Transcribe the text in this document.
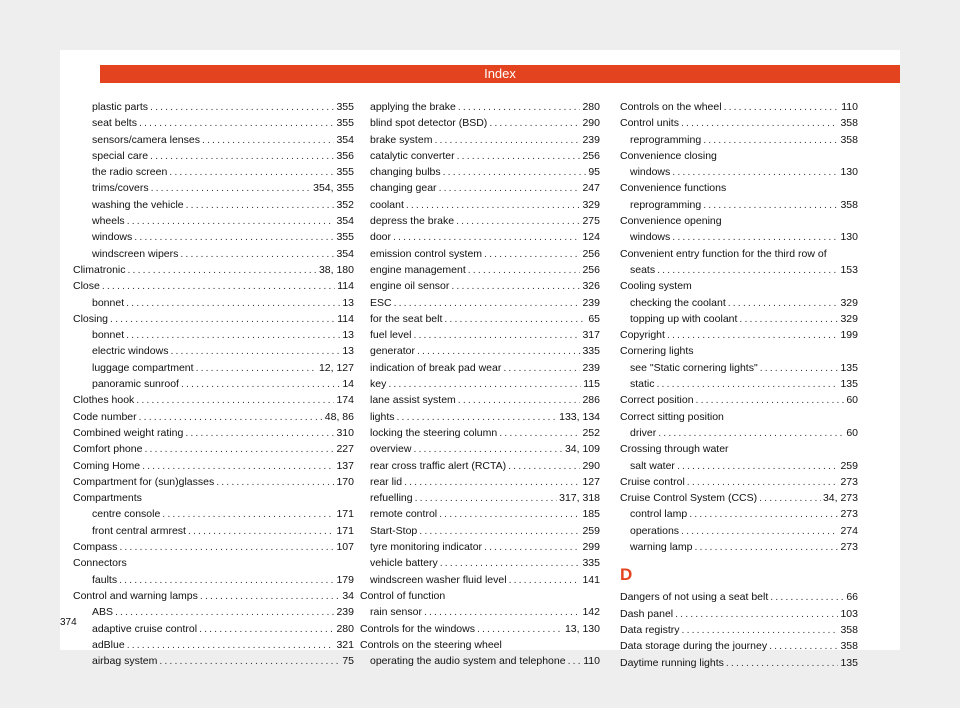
Index
plastic parts . . .	355
seat belts . . .	355
sensors/camera lenses . . .	354
special care . . .	356
the radio screen . . .	355
trims/covers . . .	354, 355
washing the vehicle . . .	352
wheels . . .	354
windows . . .	355
windscreen wipers . . .	354
Climatronic . . .	38, 180
Close . . .	114
bonnet . . .	13
Closing . . .	114
bonnet . . .	13
electric windows . . .	13
luggage compartment . . .	12, 127
panoramic sunroof . . .	14
Clothes hook . . .	174
Code number . . .	48, 86
Combined weight rating . . .	310
Comfort phone . . .	227
Coming Home . . .	137
Compartment for (sun)glasses . . .	170
Compartments
centre console . . .	171
front central armrest . . .	171
Compass . . .	107
Connectors
faults . . .	179
Control and warning lamps . . .	34
ABS . . .	239
adaptive cruise control . . .	280
adBlue . . .	321
airbag system . . .	75
applying the brake . . .	280
blind spot detector (BSD) . . .	290
brake system . . .	239
catalytic converter . . .	256
changing bulbs . . .	95
changing gear . . .	247
coolant . . .	329
depress the brake . . .	275
door . . .	124
emission control system . . .	256
engine management . . .	256
engine oil sensor . . .	326
ESC . . .	239
for the seat belt . . .	65
fuel level . . .	317
generator . . .	335
indication of break pad wear . . .	239
key . . .	115
lane assist system . . .	286
lights . . .	133, 134
locking the steering column . . .	252
overview . . .	34, 109
rear cross traffic alert (RCTA) . . .	290
rear lid . . .	127
refuelling . . .	317, 318
remote control . . .	185
Start-Stop . . .	259
tyre monitoring indicator . . .	299
vehicle battery . . .	335
windscreen washer fluid level . . .	141
Control of function
rain sensor . . .	142
Controls for the windows . . .	13, 130
Controls on the steering wheel
operating the audio system and telephone . . . 110
Controls on the wheel . . .	110
Control units . . .	358
reprogramming . . .	358
Convenience closing
windows . . .	130
Convenience functions
reprogramming . . .	358
Convenience opening
windows . . .	130
Convenient entry function for the third row of
seats . . .	153
Cooling system
checking the coolant . . .	329
topping up with coolant . . .	329
Copyright . . .	199
Cornering lights
see "Static cornering lights" . . .	135
static . . .	135
Correct position . . .	60
Correct sitting position
driver . . .	60
Crossing through water
salt water . . .	259
Cruise control . . .	273
Cruise Control System (CCS) . . .	34, 273
control lamp . . .	273
operations . . .	274
warning lamp . . .	273
D
Dangers of not using a seat belt . . .	66
Dash panel . . .	103
Data registry . . .	358
Data storage during the journey . . .	358
Daytime running lights . . .	135
374
